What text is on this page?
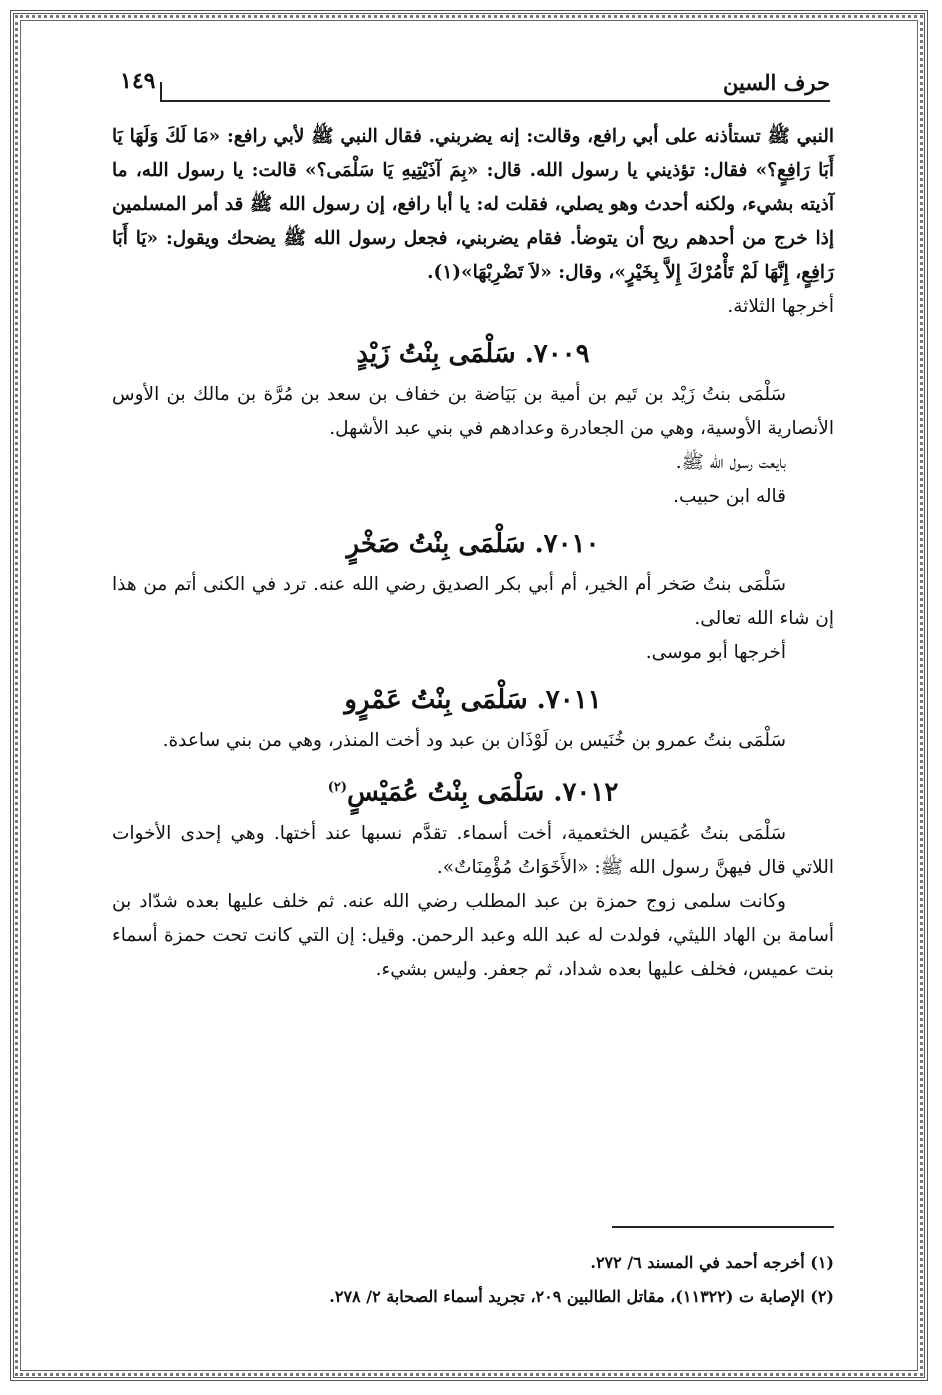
حرف السين
١٤٩

النبي ﷺ تستأذنه على أبي رافع، وقالت: إنه يضربني. فقال النبي ﷺ لأبي رافع: «مَا لَكَ وَلَهَا يَا أَبَا رَافِعٍ؟» فقال: تؤذيني يا رسول الله. قال: «بِمَ آذَيْتِيهِ يَا سَلْمَى؟» قالت: يا رسول الله، ما آذيته بشيء، ولكنه أحدث وهو يصلي، فقلت له: يا أبا رافع، إن رسول الله ﷺ قد أمر المسلمين إذا خرج من أحدهم ريح أن يتوضأ. فقام يضربني، فجعل رسول الله ﷺ يضحك ويقول: «يَا أَبَا رَافِعٍ، إِنَّهَا لَمْ تَأْمُرْكَ إِلاَّ بِخَيْرٍ»، وقال: «لاَ تَضْرِبْهَا»(١).

أخرجها الثلاثة.

٧٠٠٩. سَلْمَى بِنْتُ زَيْدٍ

سَلْمَى بنتُ زَيْد بن تَيم بن أمية بن بَيَاضة بن خفاف بن سعد بن مُرَّة بن مالك بن الأوس الأنصارية الأوسية، وهي من الجعادرة وعدادهم في بني عبد الأشهل.

بايعت رسول الله ﷺ.

قاله ابن حبيب.

٧٠١٠. سَلْمَى بِنْتُ صَخْرٍ

سَلْمَى بنتُ صَخر أم الخير، أم أبي بكر الصديق رضي الله عنه. ترد في الكنى أتم من هذا إن شاء الله تعالى.

أخرجها أبو موسى.

٧٠١١. سَلْمَى بِنْتُ عَمْرٍو

سَلْمَى بنتُ عمرو بن خُنَيس بن لَوْذَان بن عبد ود أخت المنذر، وهي من بني ساعدة.

٧٠١٢. سَلْمَى بِنْتُ عُمَيْسٍ$^{(٢)}$

سَلْمَى بنتُ عُمَيس الخثعمية، أخت أسماء. تقدَّم نسبها عند أختها. وهي إحدى الأخوات اللاتي قال فيهنَّ رسول الله ﷺ: «الأَخَوَاتُ مُؤْمِنَاتٌ».

وكانت سلمى زوج حمزة بن عبد المطلب رضي الله عنه. ثم خلف عليها بعده شدّاد بن أسامة بن الهاد الليثي، فولدت له عبد الله وعبد الرحمن. وقيل: إن التي كانت تحت حمزة أسماء بنت عميس، فخلف عليها بعده شداد، ثم جعفر. وليس بشيء.

(١) أخرجه أحمد في المسند ٦/ ٢٧٢.

(٢) الإصابة ت (١١٣٢٢)، مقاتل الطالبين ٢٠٩، تجريد أسماء الصحابة ٢/ ٢٧٨.
